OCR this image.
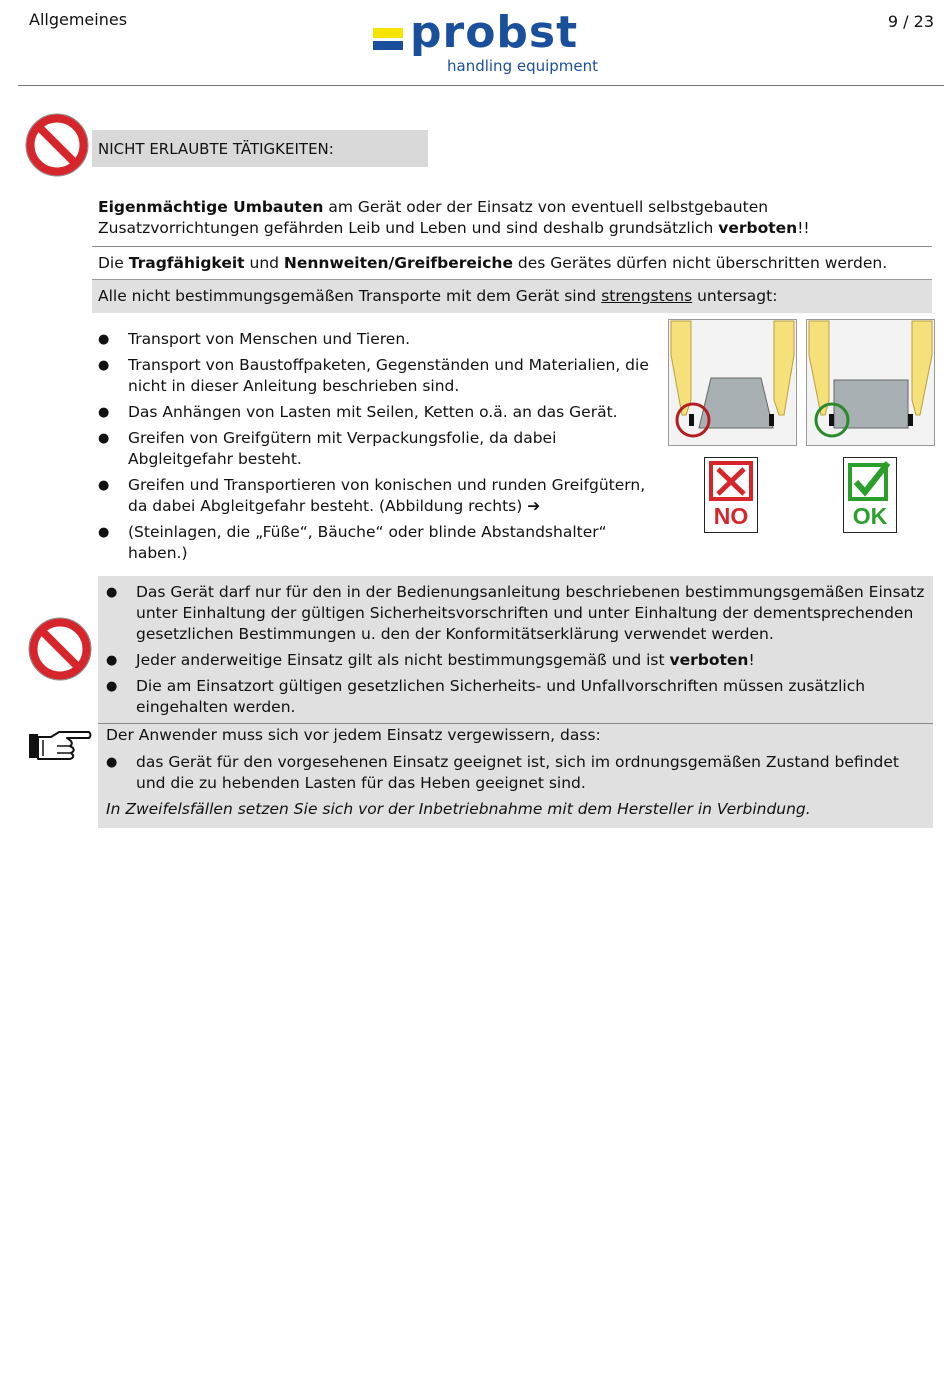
Allgemeines	9 / 23
probst
handling equipment
NICHT ERLAUBTE TÄTIGKEITEN:
Eigenmächtige Umbauten am Gerät oder der Einsatz von eventuell selbstgebauten Zusatzvorrichtungen gefährden Leib und Leben und sind deshalb grundsätzlich verboten!!
Die Tragfähigkeit und Nennweiten/Greifbereiche des Gerätes dürfen nicht überschritten werden.
Alle nicht bestimmungsgemäßen Transporte mit dem Gerät sind strengstens untersagt:
● Transport von Menschen und Tieren.
● Transport von Baustoffpaketen, Gegenständen und Materialien, die nicht in dieser Anleitung beschrieben sind.
● Das Anhängen von Lasten mit Seilen, Ketten o.ä. an das Gerät.
● Greifen von Greifgütern mit Verpackungsfolie, da dabei Abgleitgefahr besteht.
● Greifen und Transportieren von konischen und runden Greifgütern, da dabei Abgleitgefahr besteht. (Abbildung rechts) ➔
● (Steinlagen, die „Füße“, Bäuche“ oder blinde Abstandshalter“ haben.)
NO	OK
● Das Gerät darf nur für den in der Bedienungsanleitung beschriebenen bestimmungsgemäßen Einsatz unter Einhaltung der gültigen Sicherheitsvorschriften und unter Einhaltung der dementsprechenden gesetzlichen Bestimmungen u. den der Konformitätserklärung verwendet werden.
● Jeder anderweitige Einsatz gilt als nicht bestimmungsgemäß und ist verboten!
● Die am Einsatzort gültigen gesetzlichen Sicherheits- und Unfallvorschriften müssen zusätzlich eingehalten werden.
Der Anwender muss sich vor jedem Einsatz vergewissern, dass:
● das Gerät für den vorgesehenen Einsatz geeignet ist, sich im ordnungsgemäßen Zustand befindet und die zu hebenden Lasten für das Heben geeignet sind.
In Zweifelsfällen setzen Sie sich vor der Inbetriebnahme mit dem Hersteller in Verbindung.
